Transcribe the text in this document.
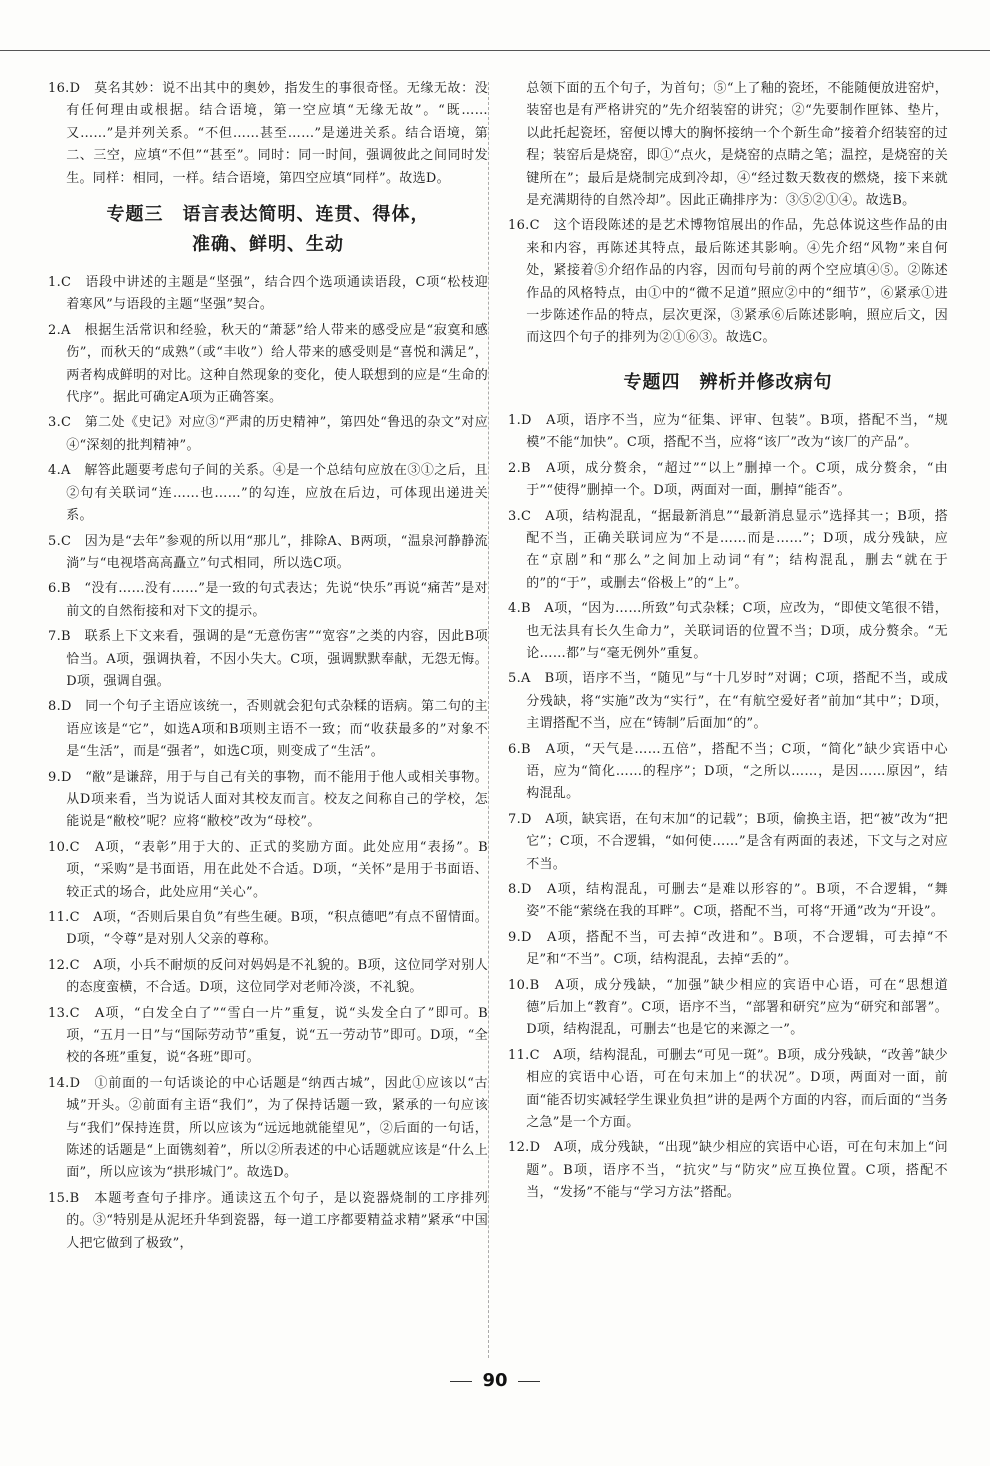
16.D　 莫名其妙：说不出其中的奥妙，指发生的事很奇怪。无缘无故：没有任何理由或根据。结合语境，第一空应填“无缘无故”。“既……又……”是并列关系。“不但……甚至……”是递进关系。结合语境，第二、三空，应填“不但”“甚至”。同时：同一时间，强调彼此之间同时发生。同样：相同，一样。结合语境，第四空应填“同样”。故选D。

专题三　语言表达简明、连贯、得体，
准确、鲜明、生动

1.C　 语段中讲述的主题是“坚强”，结合四个选项通读语段，C项“松枝迎着寒风”与语段的主题“坚强”契合。

2.A　 根据生活常识和经验，秋天的“萧瑟”给人带来的感受应是“寂寞和感伤”，而秋天的“成熟”（或“丰收”）给人带来的感受则是“喜悦和满足”，两者构成鲜明的对比。这种自然现象的变化，使人联想到的应是“生命的代序”。据此可确定A项为正确答案。

3.C　 第二处《史记》对应③“严肃的历史精神”，第四处“鲁迅的杂文”对应④“深刻的批判精神”。

4.A　 解答此题要考虑句子间的关系。④是一个总结句应放在③①之后，且②句有关联词“连……也……”的勾连，应放在后边，可体现出递进关系。

5.C　 因为是“去年”参观的所以用“那儿”，排除A、B两项，“温泉河静静流淌”与“电视塔高高矗立”句式相同，所以选C项。

6.B　 “没有……没有……”是一致的句式表达；先说“快乐”再说“痛苦”是对前文的自然衔接和对下文的提示。

7.B　 联系上下文来看，强调的是“无意伤害”“宽容”之类的内容，因此B项恰当。A项，强调执着，不因小失大。C项，强调默默奉献，无怨无悔。D项，强调自强。

8.D　 同一个句子主语应该统一，否则就会犯句式杂糅的语病。第二句的主语应该是“它”，如选A项和B项则主语不一致；而“收获最多的”对象不是“生活”，而是“强者”，如选C项，则变成了“生活”。

9.D　 “敝”是谦辞，用于与自己有关的事物，而不能用于他人或相关事物。从D项来看，当为说话人面对其校友而言。校友之间称自己的学校，怎能说是“敝校”呢？应将“敝校”改为“母校”。

10.C　 A项，“表彰”用于大的、正式的奖励方面。此处应用“表扬”。B项，“采购”是书面语，用在此处不合适。D项，“关怀”是用于书面语、较正式的场合，此处应用“关心”。

11.C　 A项，“否则后果自负”有些生硬。B项，“积点德吧”有点不留情面。D项，“令尊”是对别人父亲的尊称。

12.C　 A项，小兵不耐烦的反问对妈妈是不礼貌的。B项，这位同学对别人的态度蛮横，不合适。D项，这位同学对老师冷淡，不礼貌。

13.C　 A项，“白发全白了”“雪白一片”重复，说“头发全白了”即可。B项，“五月一日”与“国际劳动节”重复，说“五一劳动节”即可。D项，“全校的各班”重复，说“各班”即可。

14.D　 ①前面的一句话谈论的中心话题是“纳西古城”，因此①应该以“古城”开头。②前面有主语“我们”，为了保持话题一致，紧承的一句应该与“我们”保持连贯，所以应该为“远远地就能望见”，②后面的一句话，陈述的话题是“上面镌刻着”，所以②所表述的中心话题就应该是“什么上面”，所以应该为“拱形城门”。故选D。

15.B　 本题考查句子排序。通读这五个句子，是以瓷器烧制的工序排列的。③“特别是从泥坯升华到瓷器，每一道工序都要精益求精”紧承“中国人把它做到了极致”，

总领下面的五个句子，为首句；⑤“上了釉的瓷坯，不能随便放进窑炉，装窑也是有严格讲究的”先介绍装窑的讲究；②“先要制作匣钵、垫片，以此托起瓷坯，窑便以博大的胸怀接纳一个个新生命”接着介绍装窑的过程；装窑后是烧窑，即①“点火，是烧窑的点睛之笔；温控，是烧窑的关键所在”；最后是烧制完成到冷却，④“经过数天数夜的燃烧，接下来就是充满期待的自然冷却”。因此正确排序为：③⑤②①④。故选B。

16.C　 这个语段陈述的是艺术博物馆展出的作品，先总体说这些作品的由来和内容，再陈述其特点，最后陈述其影响。④先介绍“风物”来自何处，紧接着⑤介绍作品的内容，因而句号前的两个空应填④⑤。②陈述作品的风格特点，由①中的“微不足道”照应②中的“细节”，⑥紧承①进一步陈述作品的特点，层次更深，③紧承⑥后陈述影响，照应后文，因而这四个句子的排列为②①⑥③。故选C。

专题四　辨析并修改病句

1.D　 A项，语序不当，应为“征集、评审、包装”。B项，搭配不当，“规模”不能“加快”。C项，搭配不当，应将“该厂”改为“该厂的产品”。

2.B　 A项，成分赘余，“超过”“以上”删掉一个。C项，成分赘余，“由于”“使得”删掉一个。D项，两面对一面，删掉“能否”。

3.C　 A项，结构混乱，“据最新消息”“最新消息显示”选择其一；B项，搭配不当，正确关联词应为“不是……而是……”；D项，成分残缺，应在“京剧”和“那么”之间加上动词“有”；结构混乱，删去“就在于的”的“于”，或删去“俗极上”的“上”。

4.B　 A项，“因为……所致”句式杂糅；C项，应改为，“即使文笔很不错，也无法具有长久生命力”，关联词语的位置不当；D项，成分赘余。“无论……都”与“毫无例外”重复。

5.A　 B项，语序不当，“随见”与“十几岁时”对调；C项，搭配不当，或成分残缺，将“实施”改为“实行”，在“有航空爱好者”前加“其中”；D项，主谓搭配不当，应在“铸制”后面加“的”。

6.B　 A项，“天气是……五倍”，搭配不当；C项，“简化”缺少宾语中心语，应为“简化……的程序”；D项，“之所以……，是因……原因”，结构混乱。

7.D　 A项，缺宾语，在句末加“的记载”；B项，偷换主语，把“被”改为“把它”；C项，不合逻辑，“如何使……”是含有两面的表述，下文与之对应不当。

8.D　 A项，结构混乱，可删去“是难以形容的”。B项，不合逻辑，“舞姿”不能“萦绕在我的耳畔”。C项，搭配不当，可将“开通”改为“开设”。

9.D　 A项，搭配不当，可去掉“改进和”。B项，不合逻辑，可去掉“不足”和“不当”。C项，结构混乱，去掉“丢的”。

10.B　 A项，成分残缺，“加强”缺少相应的宾语中心语，可在“思想道德”后加上“教育”。C项，语序不当，“部署和研究”应为“研究和部署”。D项，结构混乱，可删去“也是它的来源之一”。

11.C　 A项，结构混乱，可删去“可见一斑”。B项，成分残缺，“改善”缺少相应的宾语中心语，可在句末加上“的状况”。D项，两面对一面，前面“能否切实减轻学生课业负担”讲的是两个方面的内容，而后面的“当务之急”是一个方面。

12.D　 A项，成分残缺，“出现”缺少相应的宾语中心语，可在句末加上“问题”。B项，语序不当，“抗灾”与“防灾”应互换位置。C项，搭配不当，“发扬”不能与“学习方法”搭配。

90
